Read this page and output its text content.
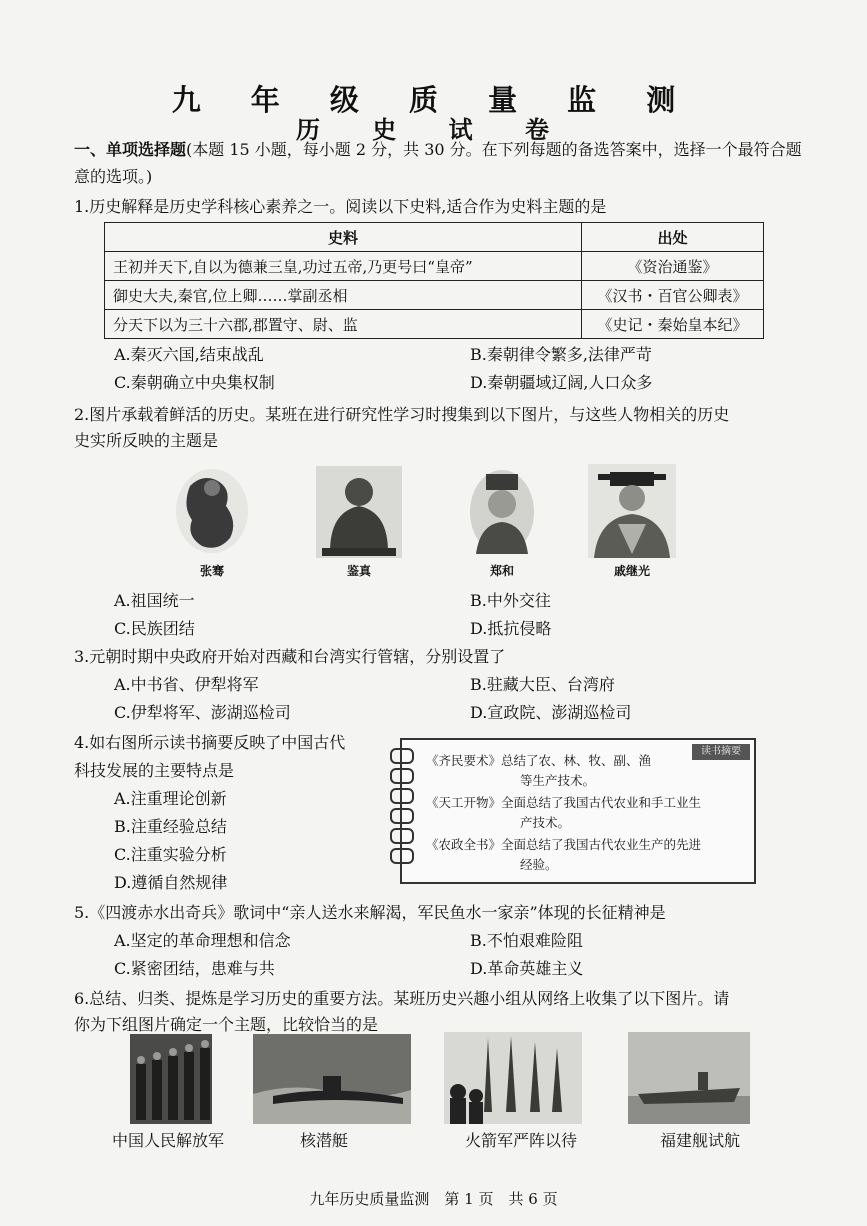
九 年 级 质 量 监 测
历 史 试 卷
一、单项选择题(本题 15 小题，每小题 2 分，共 30 分。在下列每题的备选答案中，选择一个最符合题意的选项。)
1.历史解释是历史学科核心素养之一。阅读以下史料,适合作为史料主题的是
史料	出处
王初并天下,自以为德兼三皇,功过五帝,乃更号曰“皇帝”	《资治通鉴》
御史大夫,秦官,位上卿……掌副丞相	《汉书・百官公卿表》
分天下以为三十六郡,郡置守、尉、监	《史记・秦始皇本纪》
A.秦灭六国,结束战乱	B.秦朝律令繁多,法律严苛
C.秦朝确立中央集权制	D.秦朝疆域辽阔,人口众多
2.图片承载着鲜活的历史。某班在进行研究性学习时搜集到以下图片，与这些人物相关的历史
史实所反映的主题是
张骞	鉴真	郑和	戚继光
A.祖国统一	B.中外交往
C.民族团结	D.抵抗侵略
3.元朝时期中央政府开始对西藏和台湾实行管辖，分别设置了
A.中书省、伊犁将军	B.驻藏大臣、台湾府
C.伊犁将军、澎湖巡检司	D.宣政院、澎湖巡检司
4.如右图所示读书摘要反映了中国古代
科技发展的主要特点是
A.注重理论创新
B.注重经验总结
C.注重实验分析
D.遵循自然规律
读书摘要
《齐民要术》总结了农、林、牧、副、渔
等生产技术。
《天工开物》全面总结了我国古代农业和手工业生
产技术。
《农政全书》全面总结了我国古代农业生产的先进
经验。
5.《四渡赤水出奇兵》歌词中“亲人送水来解渴，军民鱼水一家亲”体现的长征精神是
A.坚定的革命理想和信念	B.不怕艰难险阻
C.紧密团结，患难与共	D.革命英雄主义
6.总结、归类、提炼是学习历史的重要方法。某班历史兴趣小组从网络上收集了以下图片。请
你为下组图片确定一个主题，比较恰当的是
中国人民解放军	核潜艇	火箭军严阵以待	福建舰试航
九年历史质量监测　第 1 页　共 6 页
